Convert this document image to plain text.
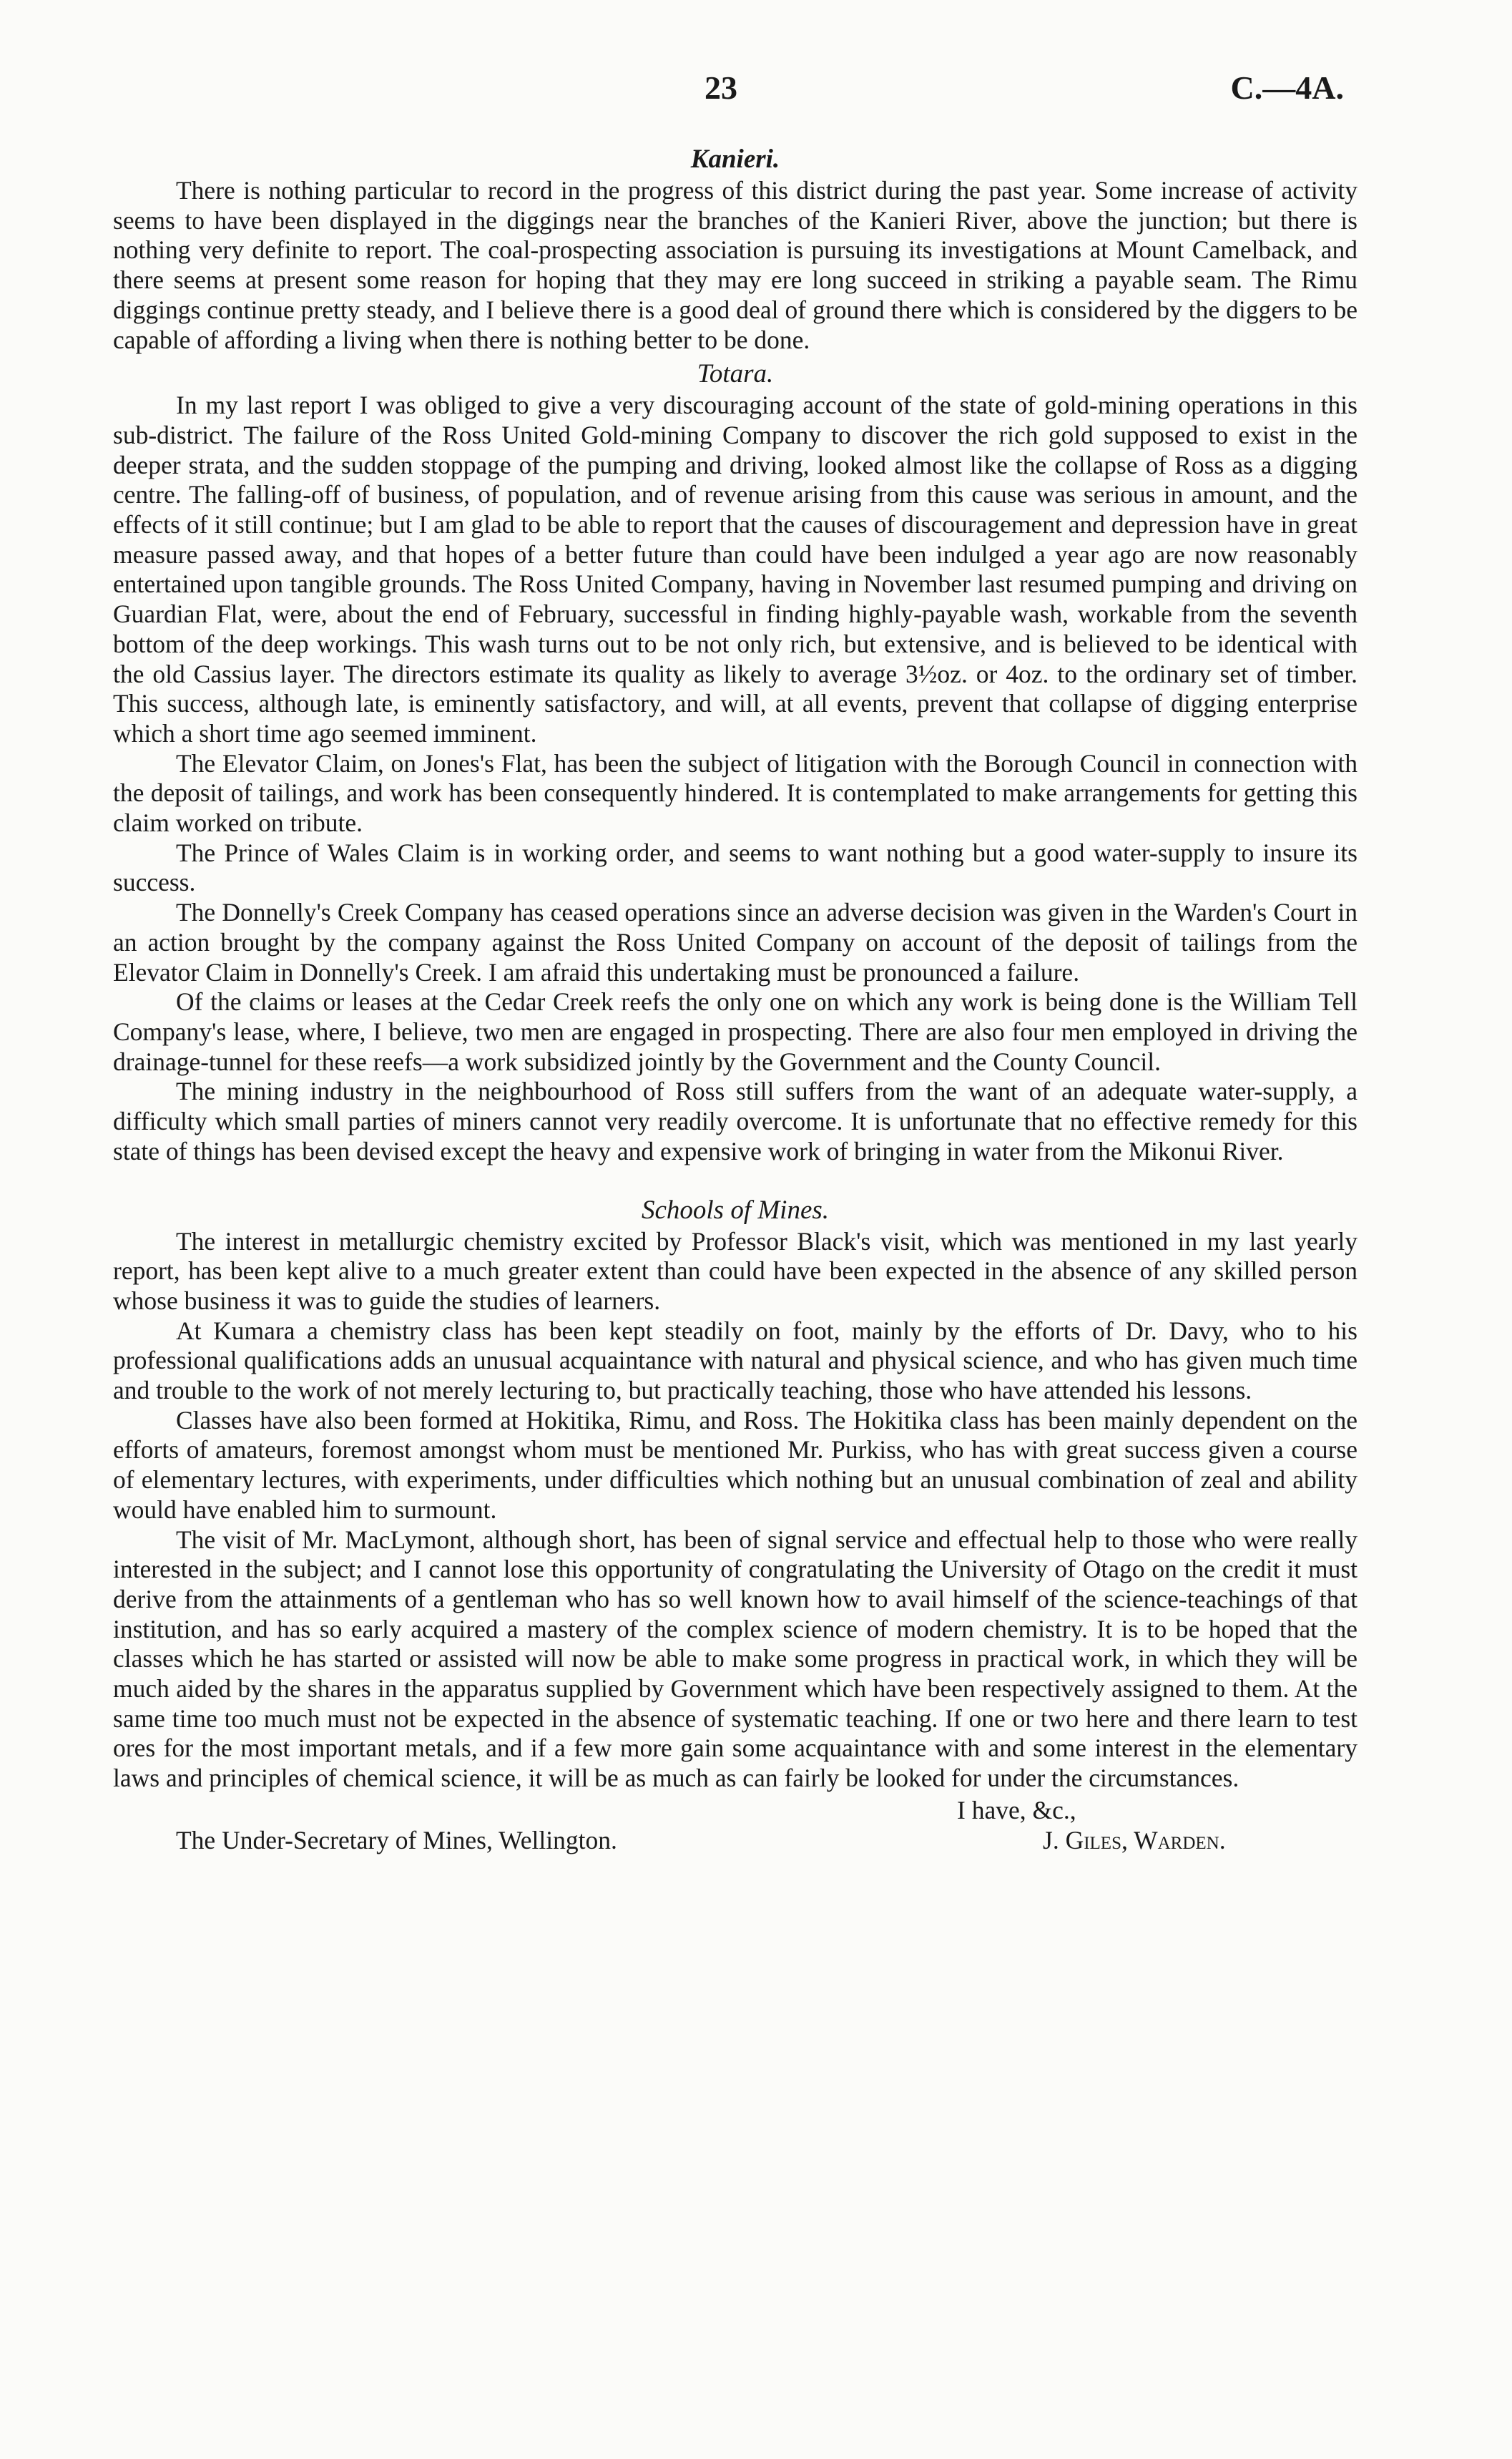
23	C.—4A.
Kanieri.

There is nothing particular to record in the progress of this district during the past year. Some increase of activity seems to have been displayed in the diggings near the branches of the Kanieri River, above the junction; but there is nothing very definite to report. The coal-prospecting association is pursuing its investigations at Mount Camelback, and there seems at present some reason for hoping that they may ere long succeed in striking a payable seam. The Rimu diggings continue pretty steady, and I believe there is a good deal of ground there which is considered by the diggers to be capable of affording a living when there is nothing better to be done.

Totara.

In my last report I was obliged to give a very discouraging account of the state of gold-mining operations in this sub-district. The failure of the Ross United Gold-mining Company to discover the rich gold supposed to exist in the deeper strata, and the sudden stoppage of the pumping and driving, looked almost like the collapse of Ross as a digging centre. The falling-off of business, of population, and of revenue arising from this cause was serious in amount, and the effects of it still continue; but I am glad to be able to report that the causes of discouragement and depression have in great measure passed away, and that hopes of a better future than could have been indulged a year ago are now reasonably entertained upon tangible grounds. The Ross United Company, having in November last resumed pumping and driving on Guardian Flat, were, about the end of February, successful in finding highly-payable wash, workable from the seventh bottom of the deep workings. This wash turns out to be not only rich, but extensive, and is believed to be identical with the old Cassius layer. The directors estimate its quality as likely to average 3½oz. or 4oz. to the ordinary set of timber. This success, although late, is eminently satisfactory, and will, at all events, prevent that collapse of digging enterprise which a short time ago seemed imminent.

The Elevator Claim, on Jones's Flat, has been the subject of litigation with the Borough Council in connection with the deposit of tailings, and work has been consequently hindered. It is contemplated to make arrangements for getting this claim worked on tribute.

The Prince of Wales Claim is in working order, and seems to want nothing but a good water-supply to insure its success.

The Donnelly's Creek Company has ceased operations since an adverse decision was given in the Warden's Court in an action brought by the company against the Ross United Company on account of the deposit of tailings from the Elevator Claim in Donnelly's Creek. I am afraid this undertaking must be pronounced a failure.

Of the claims or leases at the Cedar Creek reefs the only one on which any work is being done is the William Tell Company's lease, where, I believe, two men are engaged in prospecting. There are also four men employed in driving the drainage-tunnel for these reefs—a work subsidized jointly by the Government and the County Council.

The mining industry in the neighbourhood of Ross still suffers from the want of an adequate water-supply, a difficulty which small parties of miners cannot very readily overcome. It is unfortunate that no effective remedy for this state of things has been devised except the heavy and expensive work of bringing in water from the Mikonui River.

Schools of Mines.

The interest in metallurgic chemistry excited by Professor Black's visit, which was mentioned in my last yearly report, has been kept alive to a much greater extent than could have been expected in the absence of any skilled person whose business it was to guide the studies of learners.

At Kumara a chemistry class has been kept steadily on foot, mainly by the efforts of Dr. Davy, who to his professional qualifications adds an unusual acquaintance with natural and physical science, and who has given much time and trouble to the work of not merely lecturing to, but practically teaching, those who have attended his lessons.

Classes have also been formed at Hokitika, Rimu, and Ross. The Hokitika class has been mainly dependent on the efforts of amateurs, foremost amongst whom must be mentioned Mr. Purkiss, who has with great success given a course of elementary lectures, with experiments, under difficulties which nothing but an unusual combination of zeal and ability would have enabled him to surmount.

The visit of Mr. MacLymont, although short, has been of signal service and effectual help to those who were really interested in the subject; and I cannot lose this opportunity of congratulating the University of Otago on the credit it must derive from the attainments of a gentleman who has so well known how to avail himself of the science-teachings of that institution, and has so early acquired a mastery of the complex science of modern chemistry. It is to be hoped that the classes which he has started or assisted will now be able to make some progress in practical work, in which they will be much aided by the shares in the apparatus supplied by Government which have been respectively assigned to them. At the same time too much must not be expected in the absence of systematic teaching. If one or two here and there learn to test ores for the most important metals, and if a few more gain some acquaintance with and some interest in the elementary laws and principles of chemical science, it will be as much as can fairly be looked for under the circumstances.

I have, &c.,
The Under-Secretary of Mines, Wellington.	J. Giles, Warden.
